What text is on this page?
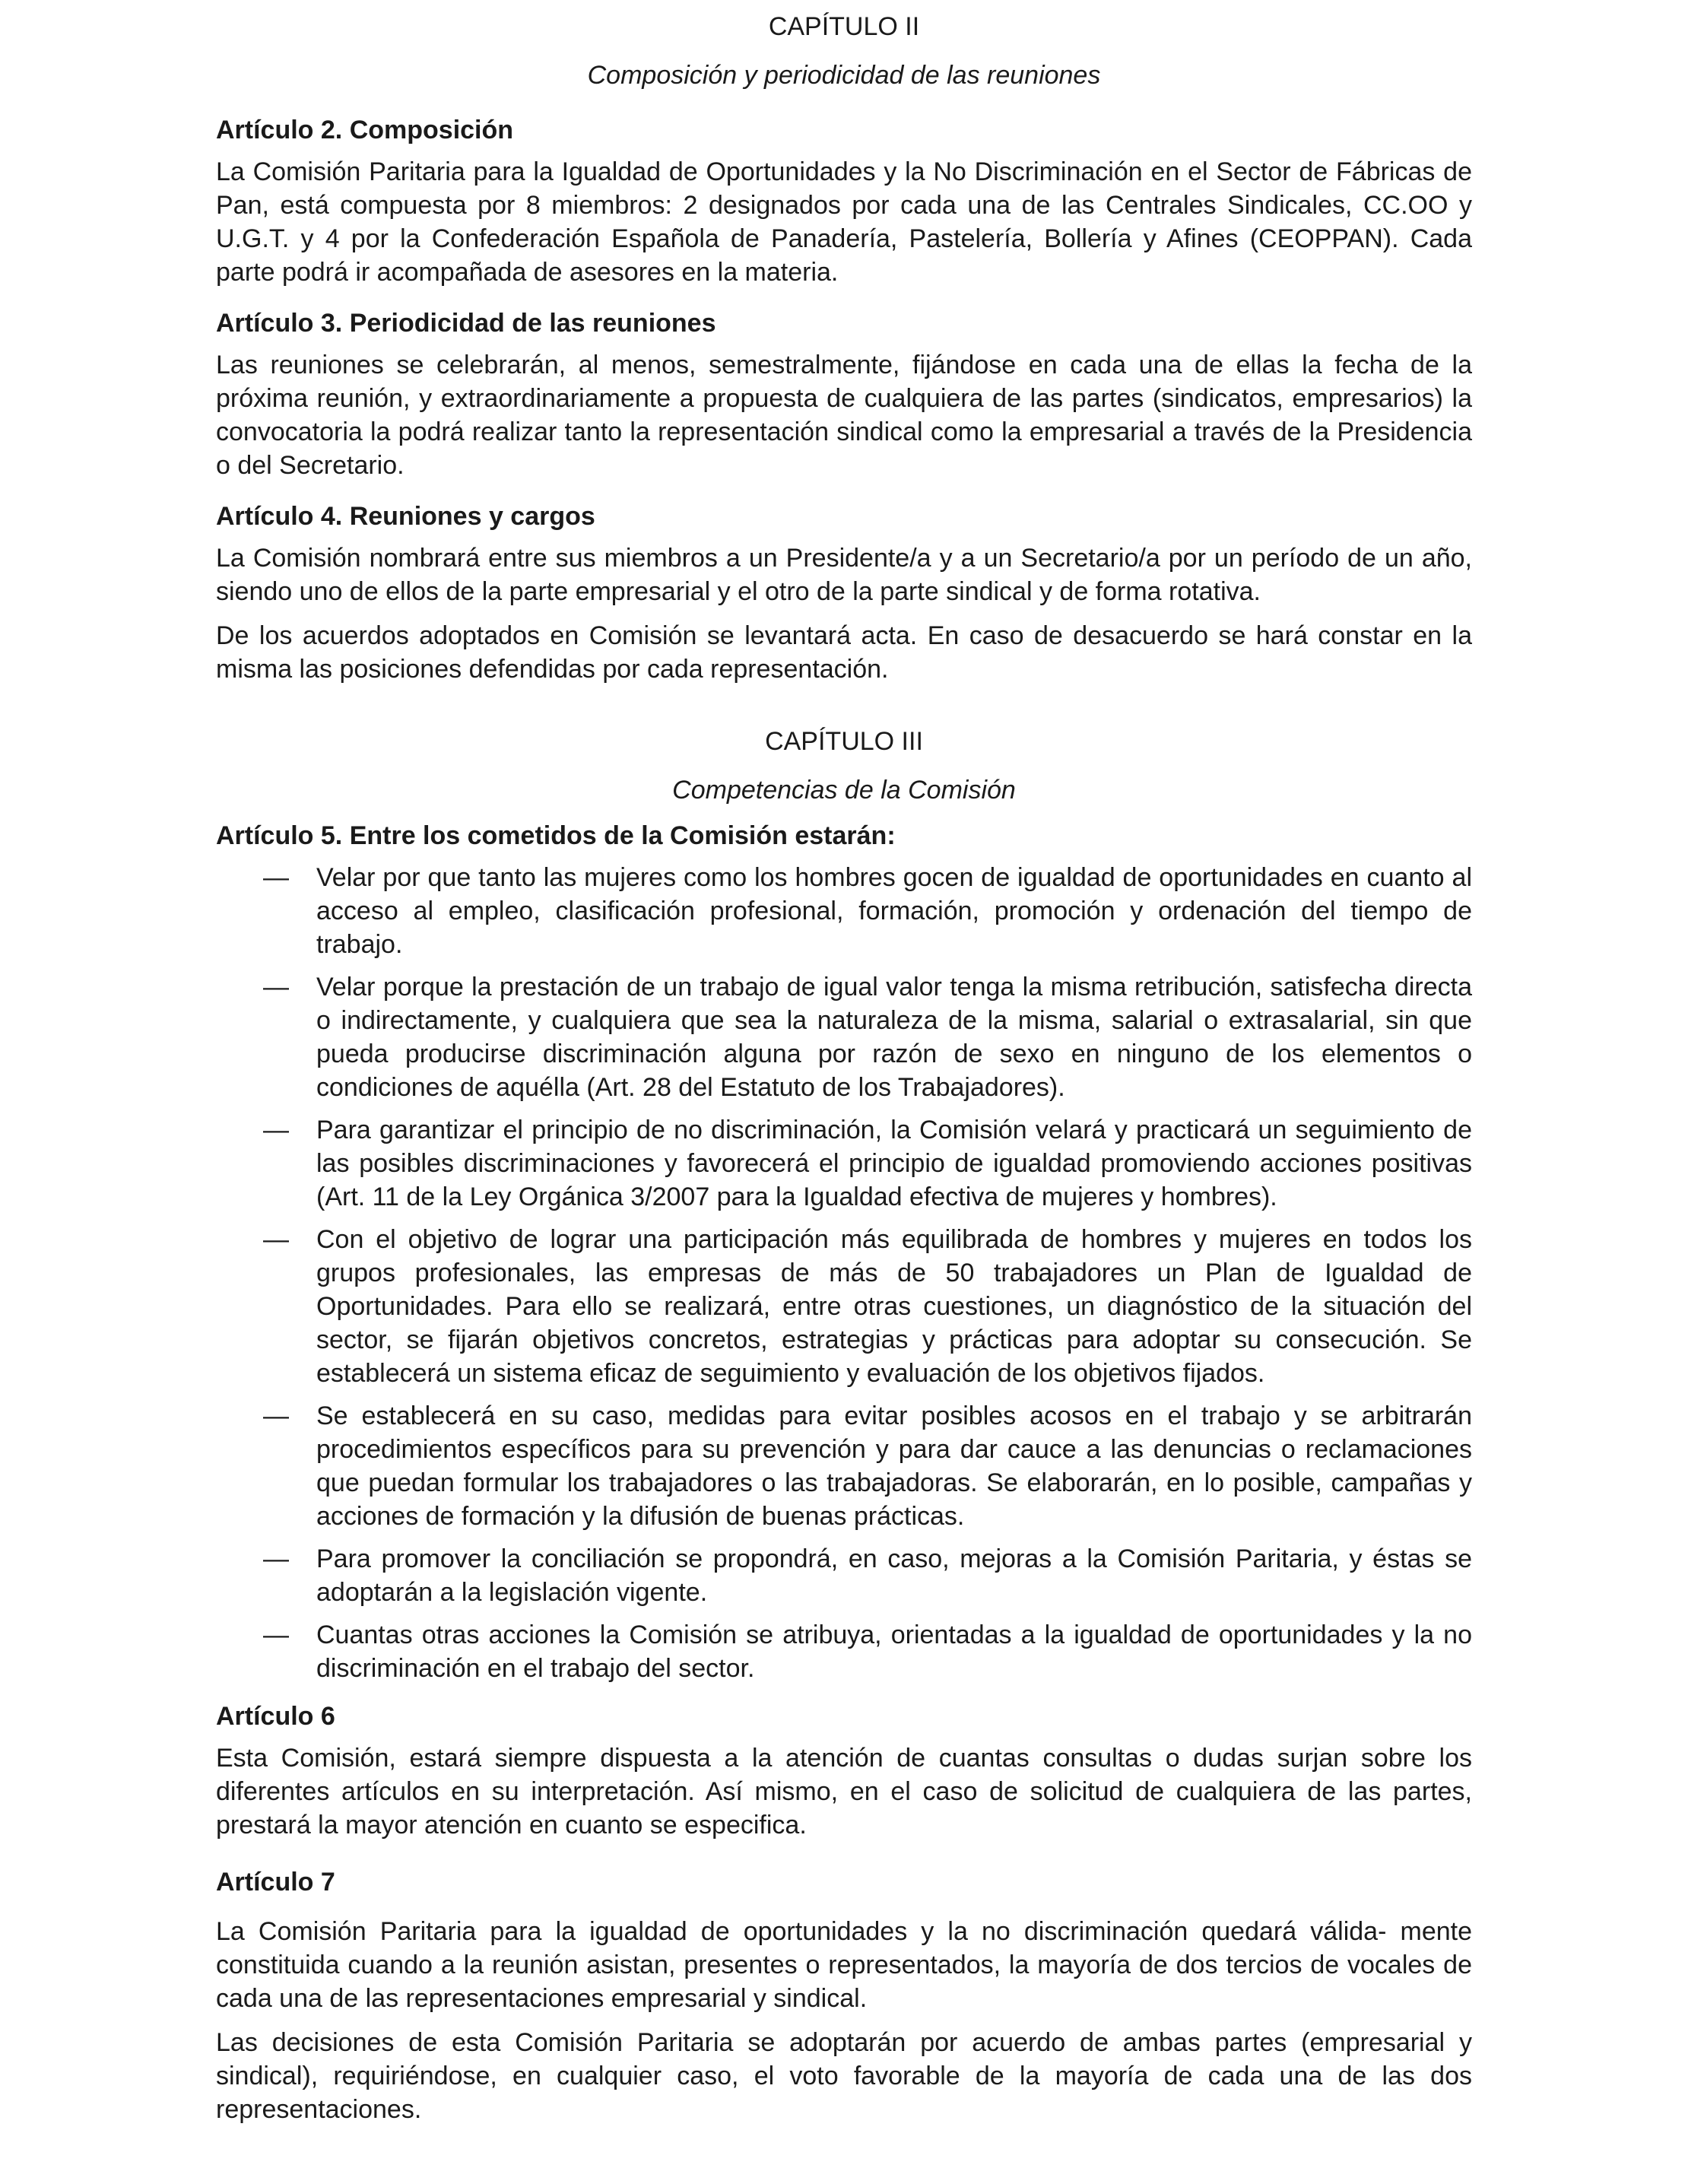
CAPÍTULO II
Composición y periodicidad de las reuniones
Artículo 2. Composición

La Comisión Paritaria para la Igualdad de Oportunidades y la No Discriminación en el Sector de Fábricas de Pan, está compuesta por 8 miembros: 2 designados por cada una de las Centrales Sindicales, CC.OO y U.G.T. y 4 por la Confederación Española de Panadería, Pastelería, Bollería y Afines (CEOPPAN). Cada parte podrá ir acompañada de asesores en la materia.

Artículo 3. Periodicidad de las reuniones

Las reuniones se celebrarán, al menos, semestralmente, fijándose en cada una de ellas la fecha de la próxima reunión, y extraordinariamente a propuesta de cualquiera de las partes (sindicatos, empresarios) la convocatoria la podrá realizar tanto la representación sindical como la empresarial a través de la Presidencia o del Secretario.

Artículo 4. Reuniones y cargos

La Comisión nombrará entre sus miembros a un Presidente/a y a un Secretario/a por un período de un año, siendo uno de ellos de la parte empresarial y el otro de la parte sindical y de forma rotativa.

De los acuerdos adoptados en Comisión se levantará acta. En caso de desacuerdo se hará constar en la misma las posiciones defendidas por cada representación.

CAPÍTULO III
Competencias de la Comisión
Artículo 5. Entre los cometidos de la Comisión estarán:
— Velar por que tanto las mujeres como los hombres gocen de igualdad de oportunidades en cuanto al acceso al empleo, clasificación profesional, formación, promoción y ordenación del tiempo de trabajo.
— Velar porque la prestación de un trabajo de igual valor tenga la misma retribución, satisfecha directa o indirectamente, y cualquiera que sea la naturaleza de la misma, salarial o extrasalarial, sin que pueda producirse discriminación alguna por razón de sexo en ninguno de los elementos o condiciones de aquélla (Art. 28 del Estatuto de los Trabajadores).
— Para garantizar el principio de no discriminación, la Comisión velará y practicará un seguimiento de las posibles discriminaciones y favorecerá el principio de igualdad promoviendo acciones positivas (Art. 11 de la Ley Orgánica 3/2007 para la Igualdad efectiva de mujeres y hombres).
— Con el objetivo de lograr una participación más equilibrada de hombres y mujeres en todos los grupos profesionales, las empresas de más de 50 trabajadores un Plan de Igualdad de Oportunidades. Para ello se realizará, entre otras cuestiones, un diagnóstico de la situación del sector, se fijarán objetivos concretos, estrategias y prácticas para adoptar su consecución. Se establecerá un sistema eficaz de seguimiento y evaluación de los objetivos fijados.
— Se establecerá en su caso, medidas para evitar posibles acosos en el trabajo y se arbitrarán procedimientos específicos para su prevención y para dar cauce a las denuncias o reclamaciones que puedan formular los trabajadores o las trabajadoras. Se elaborarán, en lo posible, campañas y acciones de formación y la difusión de buenas prácticas.
— Para promover la conciliación se propondrá, en caso, mejoras a la Comisión Paritaria, y éstas se adoptarán a la legislación vigente.
— Cuantas otras acciones la Comisión se atribuya, orientadas a la igualdad de oportunidades y la no discriminación en el trabajo del sector.
Artículo 6

Esta Comisión, estará siempre dispuesta a la atención de cuantas consultas o dudas surjan sobre los diferentes artículos en su interpretación. Así mismo, en el caso de solicitud de cualquiera de las partes, prestará la mayor atención en cuanto se especifica.

Artículo 7

La Comisión Paritaria para la igualdad de oportunidades y la no discriminación quedará válida- mente constituida cuando a la reunión asistan, presentes o representados, la mayoría de dos tercios de vocales de cada una de las representaciones empresarial y sindical.

Las decisiones de esta Comisión Paritaria se adoptarán por acuerdo de ambas partes (empresarial y sindical), requiriéndose, en cualquier caso, el voto favorable de la mayoría de cada una de las dos representaciones.
